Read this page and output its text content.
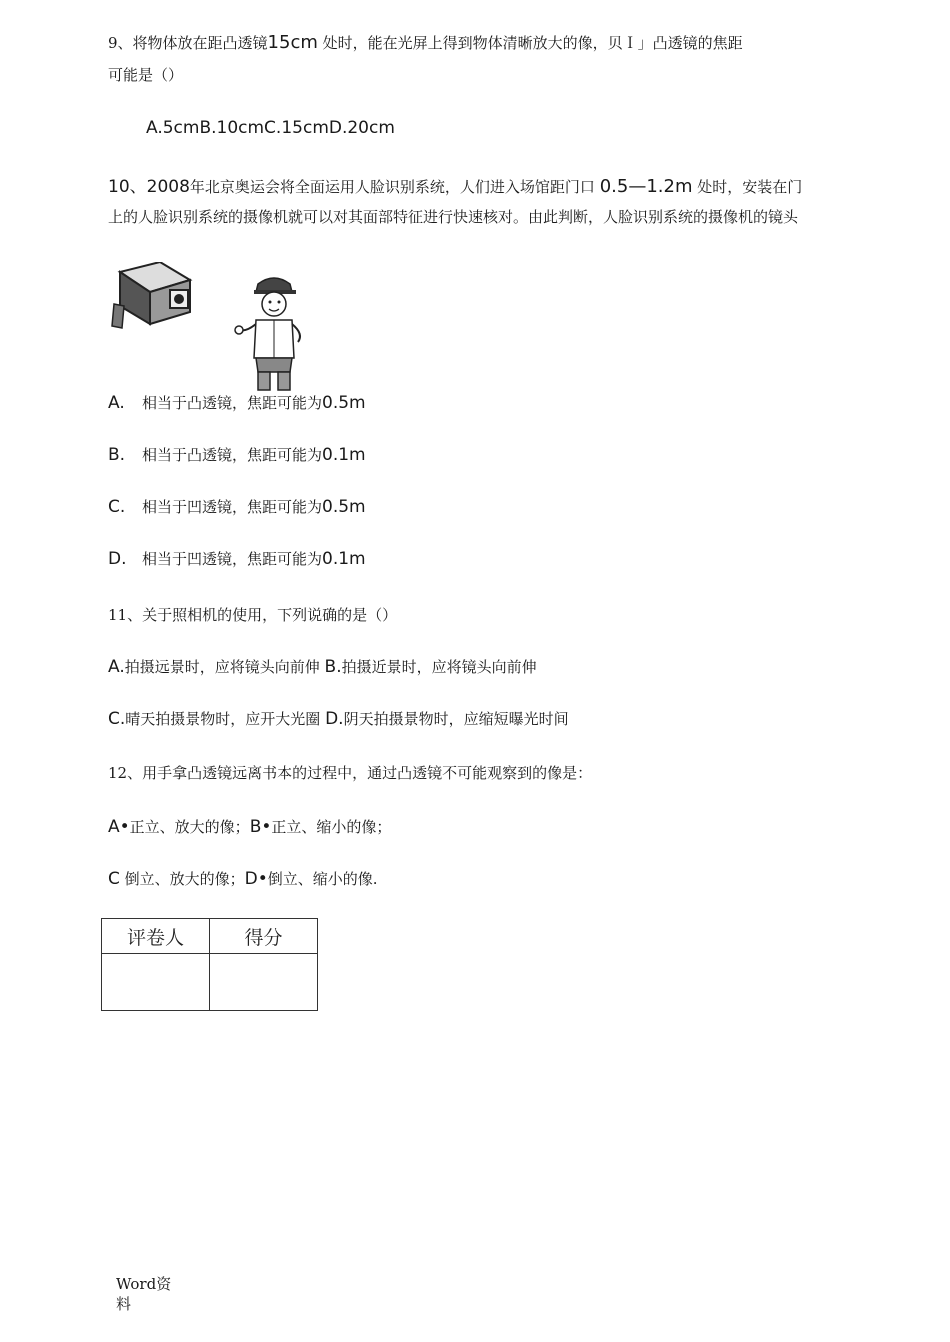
9、将物体放在距凸透镜15cm 处时，能在光屏上得到物体清晰放大的像，贝Ｉ」凸透镜的焦距
可能是（）
A.5cmB.10cmC.15cmD.20cm
10、2008年北京奥运会将全面运用人脸识别系统，人们进入场馆距门口 0.5—1.2m 处时，安装在门
上的人脸识别系统的摄像机就可以对其面部特征进行快速核对。由此判断，人脸识别系统的摄像机的镜头
A. 相当于凸透镜，焦距可能为0.5m
B. 相当于凸透镜，焦距可能为0.1m
C. 相当于凹透镜，焦距可能为0.5m
D. 相当于凹透镜，焦距可能为0.1m
11、关于照相机的使用，下列说确的是（）
A.拍摄远景时，应将镜头向前伸 B.拍摄近景时，应将镜头向前伸
C.晴天拍摄景物时，应开大光圈 D.阴天拍摄景物时，应缩短曝光时间
12、用手拿凸透镜远离书本的过程中，通过凸透镜不可能观察到的像是：
A•正立、放大的像；B•正立、缩小的像；
C 倒立、放大的像；D•倒立、缩小的像.
评卷人	得分

Word资料
